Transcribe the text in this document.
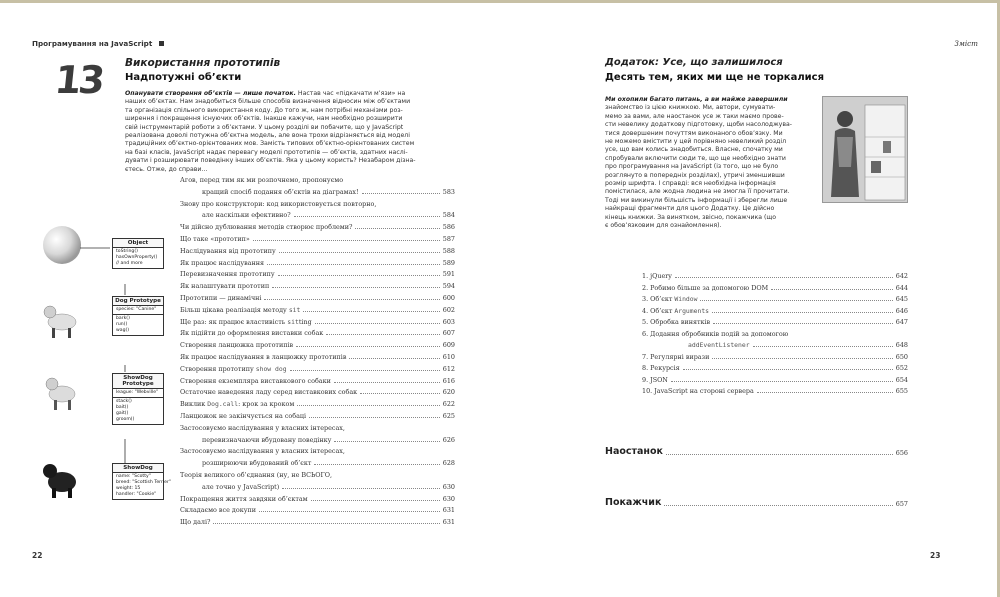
Програмування на JavaScript
13 Використання прототипів
Надпотужні об’єкти
Опанувати створення об’єктів — лише початок. Настав час «підкачати м’язи» на
наших об’єктах. Нам знадобиться більше способів визначення відносин між об’єктами
та організація спільного використання коду. До того ж, нам потрібні механізми роз-
ширення і покращення існуючих об’єктів. Інакше кажучи, нам необхідно розширити
свій інструментарій роботи з об’єктами. У цьому розділі ви побачите, що у JavaScript
реалізована доволі потужна об’єктна модель, але вона трохи відрізняється від моделі
традиційних об’єктно-орієнтованих мов. Замість типових об’єктно-орієнтованих систем
на базі класів, JavaScript надає перевагу моделі прототипів — об’єктів, здатних наслі-
дувати і розширювати поведінку інших об’єктів. Яка у цьому користь? Незабаром дізна-
єтесь. Отже, до справи…
Агов, перед тим як ми розпочнемо, пропонуємо
кращий спосіб подання об’єктів на діаграмах!	583
Знову про конструктори: код використовується повторно,
але наскільки ефективно?	584
Чи дійсно дублювання методів створює проблеми?	586
Що таке «прототип»	587
Наслідування від прототипу	588
Як працює наслідування	589
Перевизначення прототипу	591
Як налаштувати прототип	594
Прототипи — динамічні	600
Більш цікава реалізація методу sit	602
Ще раз: як працює властивість sitting	603
Як підійти до оформлення виставки собак	607
Створення ланцюжка прототипів	609
Як працює наслідування в ланцюжку прототипів	610
Створення прототипу show dog	612
Створення екземпляра виставкового собаки	616
Остаточне наведення ладу серед виставкових собак	620
Виклик Dog.call: крок за кроком	622
Ланцюжок не закінчується на собаці	625
Застосовуємо наслідування у власних інтересах,
перевизначаючи вбудовану поведінку	626
Застосовуємо наслідування у власних інтересах,
розширюючи вбудований об’єкт	628
Теорія великого об’єднання (ну, не ВСЬОГО,
але точно у JavaScript)	630
Покращення життя завдяки об’єктам	630
Складаємо все докупи	631
Що далі?	631
Object
toString()
hasOwnProperty()
// and more
Dog Prototype
species: "Canine"
bark()
run()
wag()
ShowDog Prototype
league: "Webville"
stack()
bait()
gait()
groom()
ShowDog
name: "Scotty"
breed: "Scottish Terrier"
weight: 15
handler: "Cookie"
22
Зміст
Додаток: Усе, що залишилося
Десять тем, яких ми ще не торкалися
Ми охопили багато питань, а ви майже завершили
знайомство із цією книжкою. Ми, автори, сумувати-
мемо за вами, але наостанок усе ж таки маємо прове-
сти невелику додаткову підготовку, щоби насолоджува-
тися довершеним почуттям виконаного обов’язку. Ми
не можемо вмістити у цей порівняно невеликий розділ
усе, що вам колись знадобиться. Власне, спочатку ми
спробували включити сюди те, що ще необхідно знати
про програмування на JavaScript (із того, що не було
розглянуто в попередніх розділах), утричі зменшивши
розмір шрифта. І справді: вся необхідна інформація
помістилася, але жодна людина не змогла її прочитати.
Тоді ми викинули більшість інформації і зберегли лише
найкращі фрагменти для цього Додатку. Це дійсно
кінець книжки. За винятком, звісно, покажчика (що
є обов’язковим для ознайомлення).
1. jQuery	642
2. Робимо більше за допомогою DOM	644
3. Об’єкт Window	645
4. Об’єкт Arguments	646
5. Обробка винятків	647
6. Додання обробників подій за допомогою
addEventListener	648
7. Регулярні вирази	650
8. Рекурсія	652
9. JSON	654
10. JavaScript на стороні сервера	655
Наостанок	656
Покажчик	657
23
